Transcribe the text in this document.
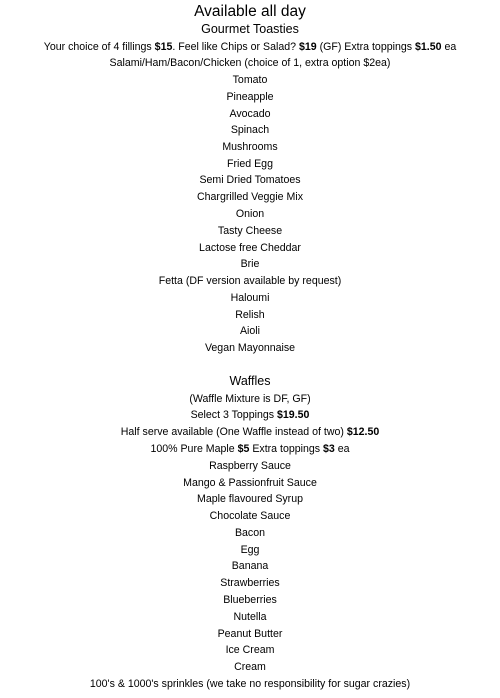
Available all day
Gourmet Toasties
Your choice of 4 fillings $15. Feel like Chips or Salad? $19 (GF) Extra toppings $1.50 ea
Salami/Ham/Bacon/Chicken (choice of 1, extra option $2ea)
Tomato
Pineapple
Avocado
Spinach
Mushrooms
Fried Egg
Semi Dried Tomatoes
Chargrilled Veggie Mix
Onion
Tasty Cheese
Lactose free Cheddar
Brie
Fetta (DF version available by request)
Haloumi
Relish
Aioli
Vegan Mayonnaise
Waffles
(Waffle Mixture is DF, GF)
Select 3 Toppings $19.50
Half serve available (One Waffle instead of two) $12.50
100% Pure Maple $5 Extra toppings $3 ea
Raspberry Sauce
Mango & Passionfruit Sauce
Maple flavoured Syrup
Chocolate Sauce
Bacon
Egg
Banana
Strawberries
Blueberries
Nutella
Peanut Butter
Ice Cream
Cream
100's & 1000's sprinkles (we take no responsibility for sugar crazies)
